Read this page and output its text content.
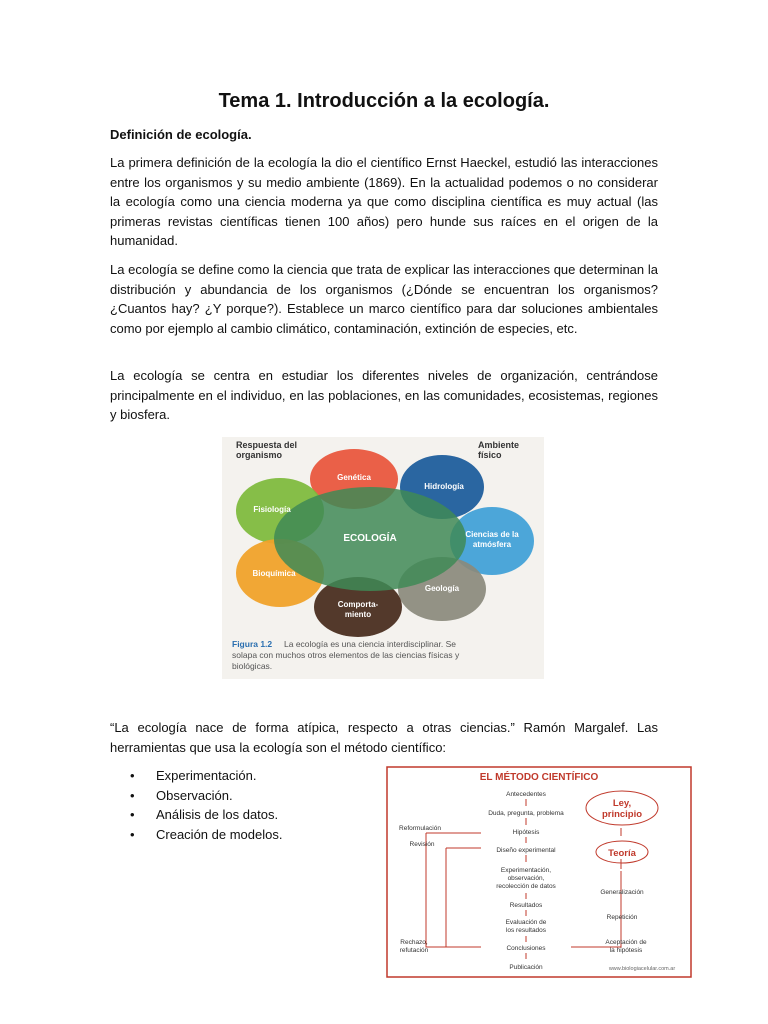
Tema 1. Introducción a la ecología.
Definición de ecología.

La primera definición de la ecología la dio el científico Ernst Haeckel, estudió las interacciones entre los organismos y su medio ambiente (1869). En la actualidad podemos o no considerar la ecología como una ciencia moderna ya que como disciplina científica es muy actual (las primeras revistas científicas tienen 100 años) pero hunde sus raíces en el origen de la humanidad.

La ecología se define como la ciencia que trata de explicar las interacciones que determinan la distribución y abundancia de los organismos (¿Dónde se encuentran los organismos? ¿Cuantos hay? ¿Y porque?). Establece un marco científico para dar soluciones ambientales como por ejemplo al cambio climático, contaminación, extinción de especies, etc.

La ecología se centra en estudiar los diferentes niveles de organización, centrándose principalmente en el individuo, en las poblaciones, en las comunidades, ecosistemas, regiones y biosfera.

Respuesta del
organismo
Ambiente
físico
Genética
Hidrología
Fisiología
Ciencias de la
atmósfera
Bioquímica
Geología
Comporta-
miento
ECOLOGÍA
Figura 1.2 La ecología es una ciencia interdisciplinar. Se
solapa con muchos otros elementos de las ciencias físicas y
biológicas.

“La ecología nace de forma atípica, respecto a otras ciencias.” Ramón Margalef. Las herramientas que usa la ecología son el método científico:

• Experimentación.
• Observación.
• Análisis de los datos.
• Creación de modelos.
EL MÉTODO CIENTÍFICO
Antecedentes
Duda, pregunta, problema
Hipótesis
Diseño experimental
Experimentación,
observación,
recolección de datos
Resultados
Evaluación de
los resultados
Conclusiones
Publicación
Reformulación
Revisión
Rechazo,
refutación
Ley,
principio
Teoría
Generalización
Repetición
Aceptación de
la hipótesis
www.biologiacelular.com.ar
